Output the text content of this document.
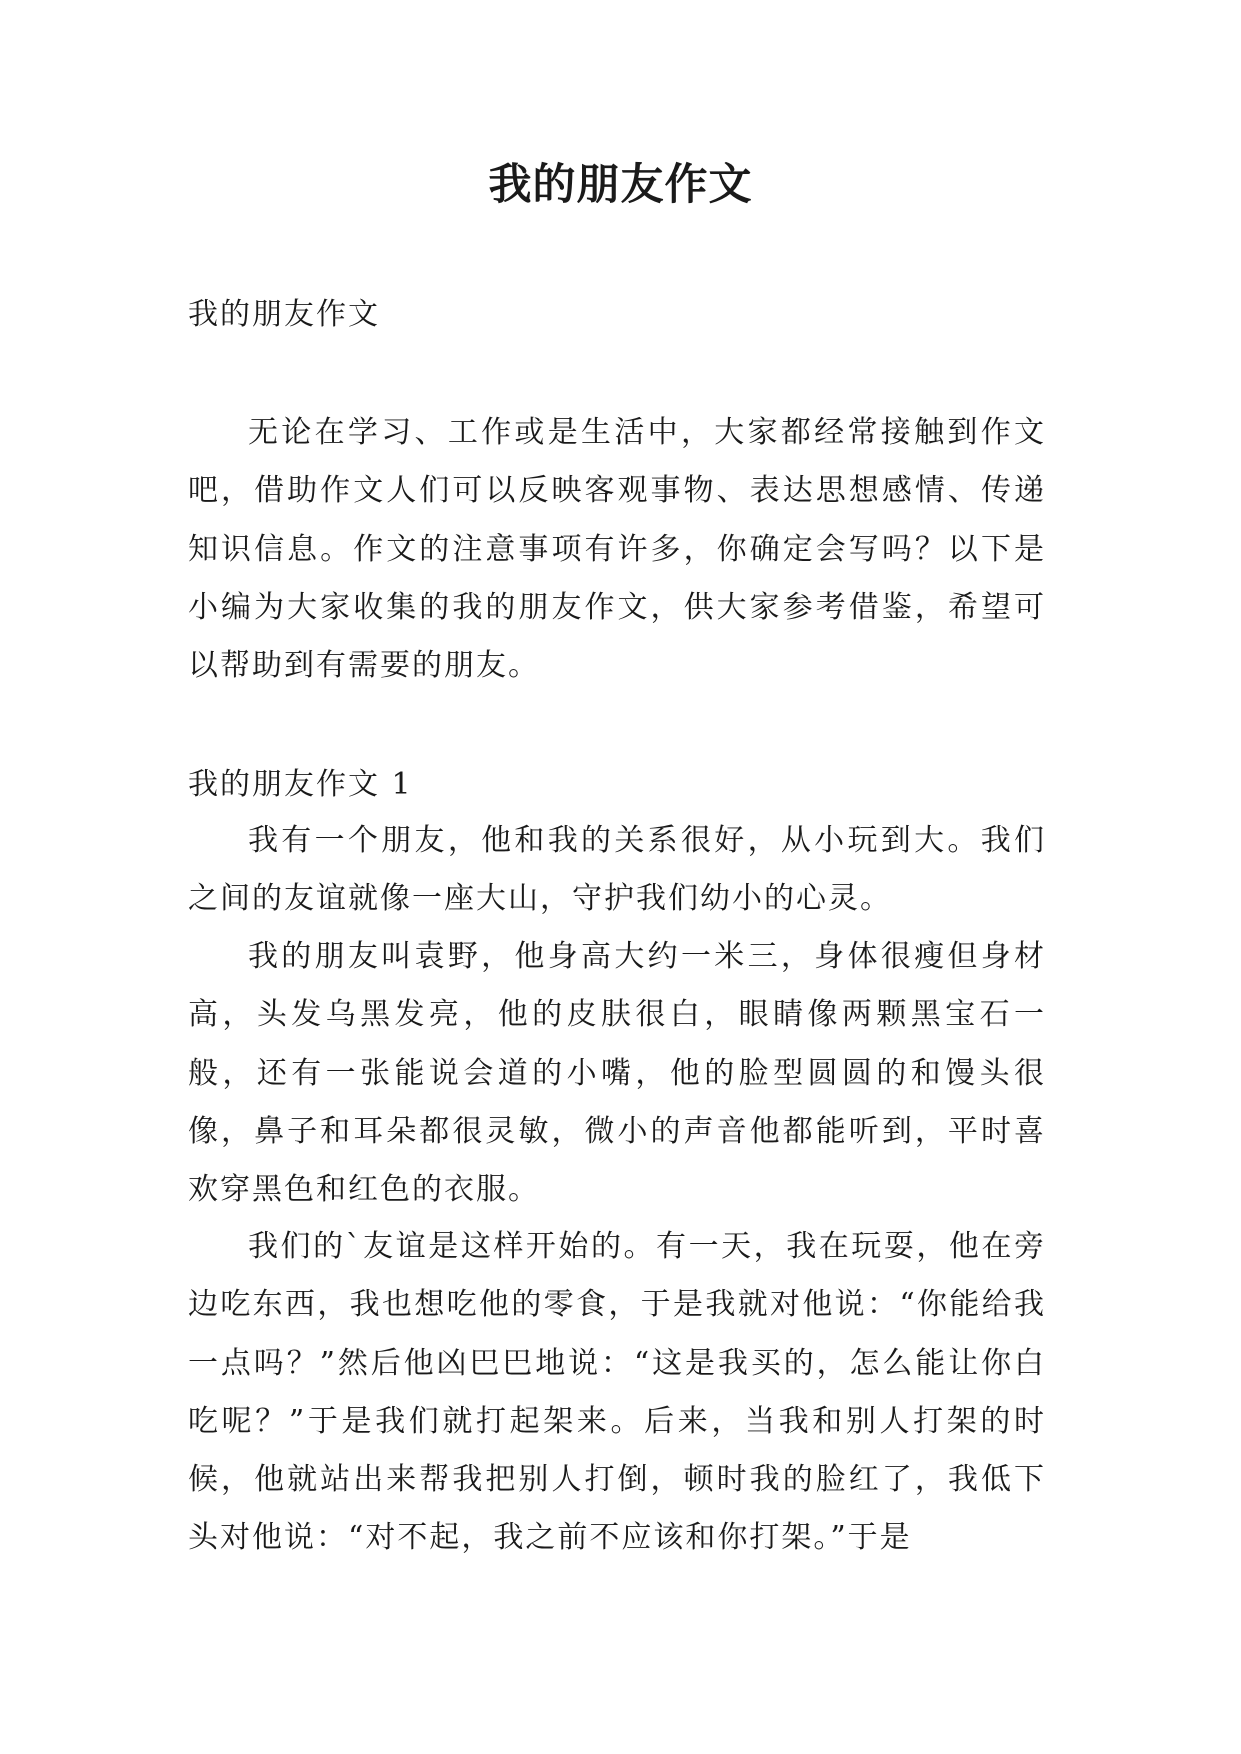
我的朋友作文

我的朋友作文

无论在学习、工作或是生活中，大家都经常接触到作文吧，借助作文人们可以反映客观事物、表达思想感情、传递知识信息。作文的注意事项有许多，你确定会写吗？以下是小编为大家收集的我的朋友作文，供大家参考借鉴，希望可以帮助到有需要的朋友。

我的朋友作文 1

我有一个朋友，他和我的关系很好，从小玩到大。我们之间的友谊就像一座大山，守护我们幼小的心灵。

我的朋友叫袁野，他身高大约一米三，身体很瘦但身材高，头发乌黑发亮，他的皮肤很白，眼睛像两颗黑宝石一般，还有一张能说会道的小嘴，他的脸型圆圆的和馒头很像，鼻子和耳朵都很灵敏，微小的声音他都能听到，平时喜欢穿黑色和红色的衣服。

我们的`友谊是这样开始的。有一天，我在玩耍，他在旁边吃东西，我也想吃他的零食，于是我就对他说：“你能给我一点吗？”然后他凶巴巴地说：“这是我买的，怎么能让你白吃呢？”于是我们就打起架来。后来，当我和别人打架的时候，他就站出来帮我把别人打倒，顿时我的脸红了，我低下头对他说：“对不起，我之前不应该和你打架。”于是
